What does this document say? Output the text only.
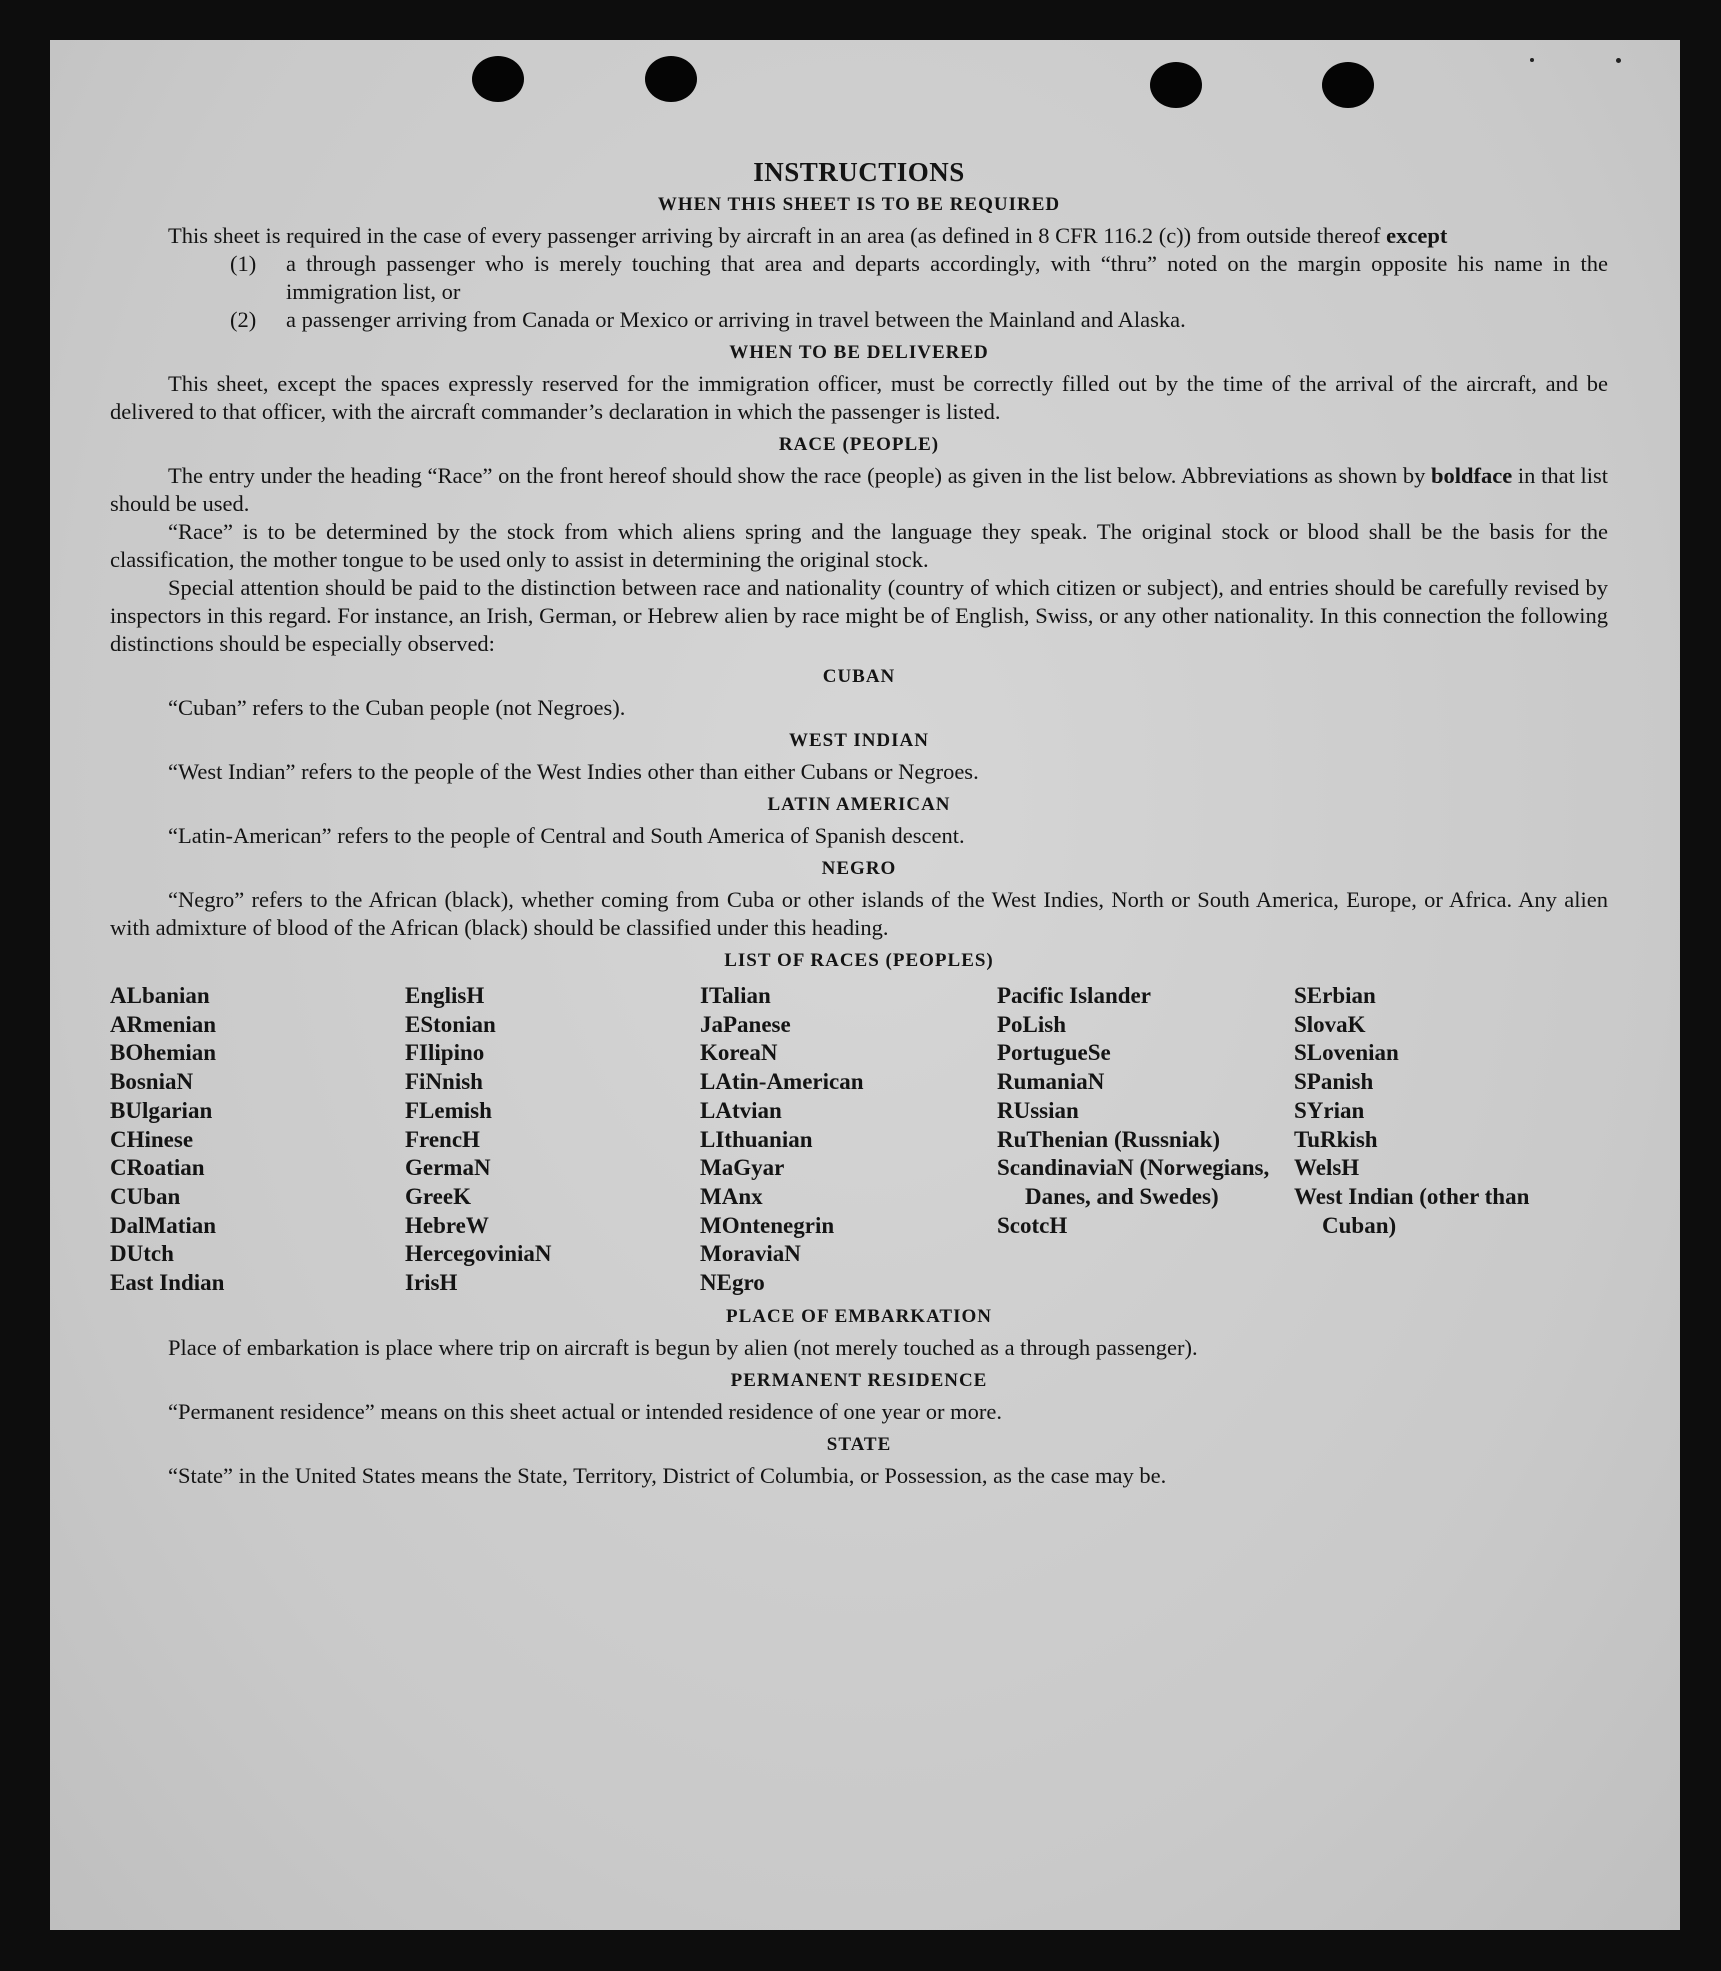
INSTRUCTIONS
WHEN THIS SHEET IS TO BE REQUIRED

This sheet is required in the case of every passenger arriving by aircraft in an area (as defined in 8 CFR 116.2 (c)) from outside thereof except

(1)	a through passenger who is merely touching that area and departs accordingly, with “thru” noted on the margin opposite his name in the immigration list, or
(2)	a passenger arriving from Canada or Mexico or arriving in travel between the Mainland and Alaska.
WHEN TO BE DELIVERED

This sheet, except the spaces expressly reserved for the immigration officer, must be correctly filled out by the time of the arrival of the aircraft, and be delivered to that officer, with the aircraft commander’s declaration in which the passenger is listed.

RACE (PEOPLE)

The entry under the heading “Race” on the front hereof should show the race (people) as given in the list below. Abbreviations as shown by boldface in that list should be used.

“Race” is to be determined by the stock from which aliens spring and the language they speak. The original stock or blood shall be the basis for the classification, the mother tongue to be used only to assist in determining the original stock.

Special attention should be paid to the distinction between race and nationality (country of which citizen or subject), and entries should be carefully revised by inspectors in this regard. For instance, an Irish, German, or Hebrew alien by race might be of English, Swiss, or any other nationality. In this connection the following distinctions should be especially observed:

CUBAN

“Cuban” refers to the Cuban people (not Negroes).

WEST INDIAN

“West Indian” refers to the people of the West Indies other than either Cubans or Negroes.

LATIN AMERICAN

“Latin-American” refers to the people of Central and South America of Spanish descent.

NEGRO

“Negro” refers to the African (black), whether coming from Cuba or other islands of the West Indies, North or South America, Europe, or Africa. Any alien with admixture of blood of the African (black) should be classified under this heading.

LIST OF RACES (PEOPLES)
ALbanian
ARmenian
BOhemian
BosniaN
BUlgarian
CHinese
CRoatian
CUban
DalMatian
DUtch
East Indian
EnglisH
EStonian
FIlipino
FiNnish
FLemish
FrencH
GermaN
GreeK
HebreW
HercegoviniaN
IrisH
ITalian
JaPanese
KoreaN
LAtin-American
LAtvian
LIthuanian
MaGyar
MAnx
MOntenegrin
MoraviaN
NEgro
Pacific Islander
PoLish
PortugueSe
RumaniaN
RUssian
RuThenian (Russniak)
ScandinaviaN (Norwegians, Danes, and Swedes)
ScotcH
SErbian
SlovaK
SLovenian
SPanish
SYrian
TuRkish
WelsH
West Indian (other than Cuban)
PLACE OF EMBARKATION

Place of embarkation is place where trip on aircraft is begun by alien (not merely touched as a through passenger).

PERMANENT RESIDENCE

“Permanent residence” means on this sheet actual or intended residence of one year or more.

STATE

“State” in the United States means the State, Territory, District of Columbia, or Possession, as the case may be.
